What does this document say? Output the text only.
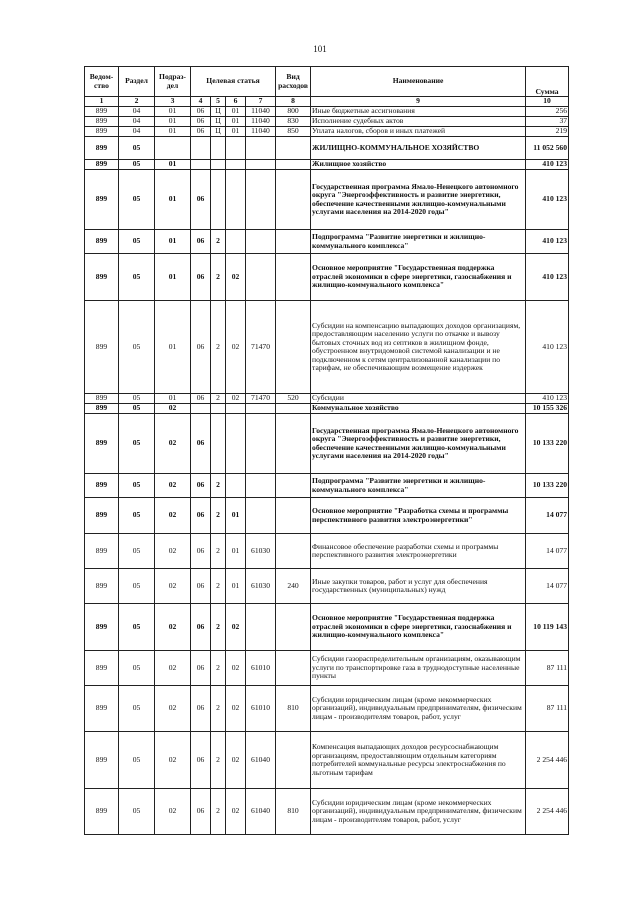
101
Ведом-ство	Раздел	Подраз-дел	Целевая статья				Вид расходов	Наименование	Сумма
1	2	3	4	5	6	7	8	9	10
899	04	01	06	Ц	01	11040	800	Иные бюджетные ассигнования	256
899	04	01	06	Ц	01	11040	830	Исполнение судебных актов	37
899	04	01	06	Ц	01	11040	850	Уплата налогов, сборов и иных платежей	219
899	05							ЖИЛИЩНО-КОММУНАЛЬНОЕ ХОЗЯЙСТВО	11 052 560
899	05	01						Жилищное хозяйство	410 123
899	05	01	06					Государственная программа Ямало-Ненецкого автономного округа "Энергоэффективность и развитие энергетики, обеспечение качественными жилищно-коммунальными услугами населения на 2014-2020 годы"	410 123
899	05	01	06	2				Подпрограмма "Развитие энергетики и жилищно-коммунального комплекса"	410 123
899	05	01	06	2	02			Основное мероприятие "Государственная поддержка отраслей экономики в сфере энергетики, газоснабжения и жилищно-коммунального комплекса"	410 123
899	05	01	06	2	02	71470		Субсидии на компенсацию выпадающих доходов организациям, предоставляющим населению услуги по откачке и вывозу бытовых сточных вод из септиков в жилищном фонде, обустроенном внутридомовой системой канализации и не подключенном к сетям централизованной канализации по тарифам, не обеспечивающим возмещение издержек	410 123
899	05	01	06	2	02	71470	520	Субсидии	410 123
899	05	02						Коммунальное хозяйство	10 155 326
899	05	02	06					Государственная программа Ямало-Ненецкого автономного округа "Энергоэффективность и развитие энергетики, обеспечение качественными жилищно-коммунальными услугами населения на 2014-2020 годы"	10 133 220
899	05	02	06	2				Подпрограмма "Развитие энергетики и жилищно-коммунального комплекса"	10 133 220
899	05	02	06	2	01			Основное мероприятие "Разработка схемы и программы перспективного развития электроэнергетики"	14 077
899	05	02	06	2	01	61030		Финансовое обеспечение разработки схемы и программы перспективного развития электроэнергетики	14 077
899	05	02	06	2	01	61030	240	Иные закупки товаров, работ и услуг для обеспечения государственных (муниципальных) нужд	14 077
899	05	02	06	2	02			Основное мероприятие "Государственная поддержка отраслей экономики в сфере энергетики, газоснабжения и жилищно-коммунального комплекса"	10 119 143
899	05	02	06	2	02	61010		Субсидии газораспределительным организациям, оказывающим услуги по транспортировке газа в труднодоступные населенные пункты	87 111
899	05	02	06	2	02	61010	810	Субсидии юридическим лицам (кроме некоммерческих организаций), индивидуальным предпринимателям, физическим лицам - производителям товаров, работ, услуг	87 111
899	05	02	06	2	02	61040		Компенсация выпадающих доходов ресурсоснабжающим организациям, предоставляющим отдельным категориям потребителей коммунальные ресурсы электроснабжения по льготным тарифам	2 254 446
899	05	02	06	2	02	61040	810	Субсидии юридическим лицам (кроме некоммерческих организаций), индивидуальным предпринимателям, физическим лицам - производителям товаров, работ, услуг	2 254 446
